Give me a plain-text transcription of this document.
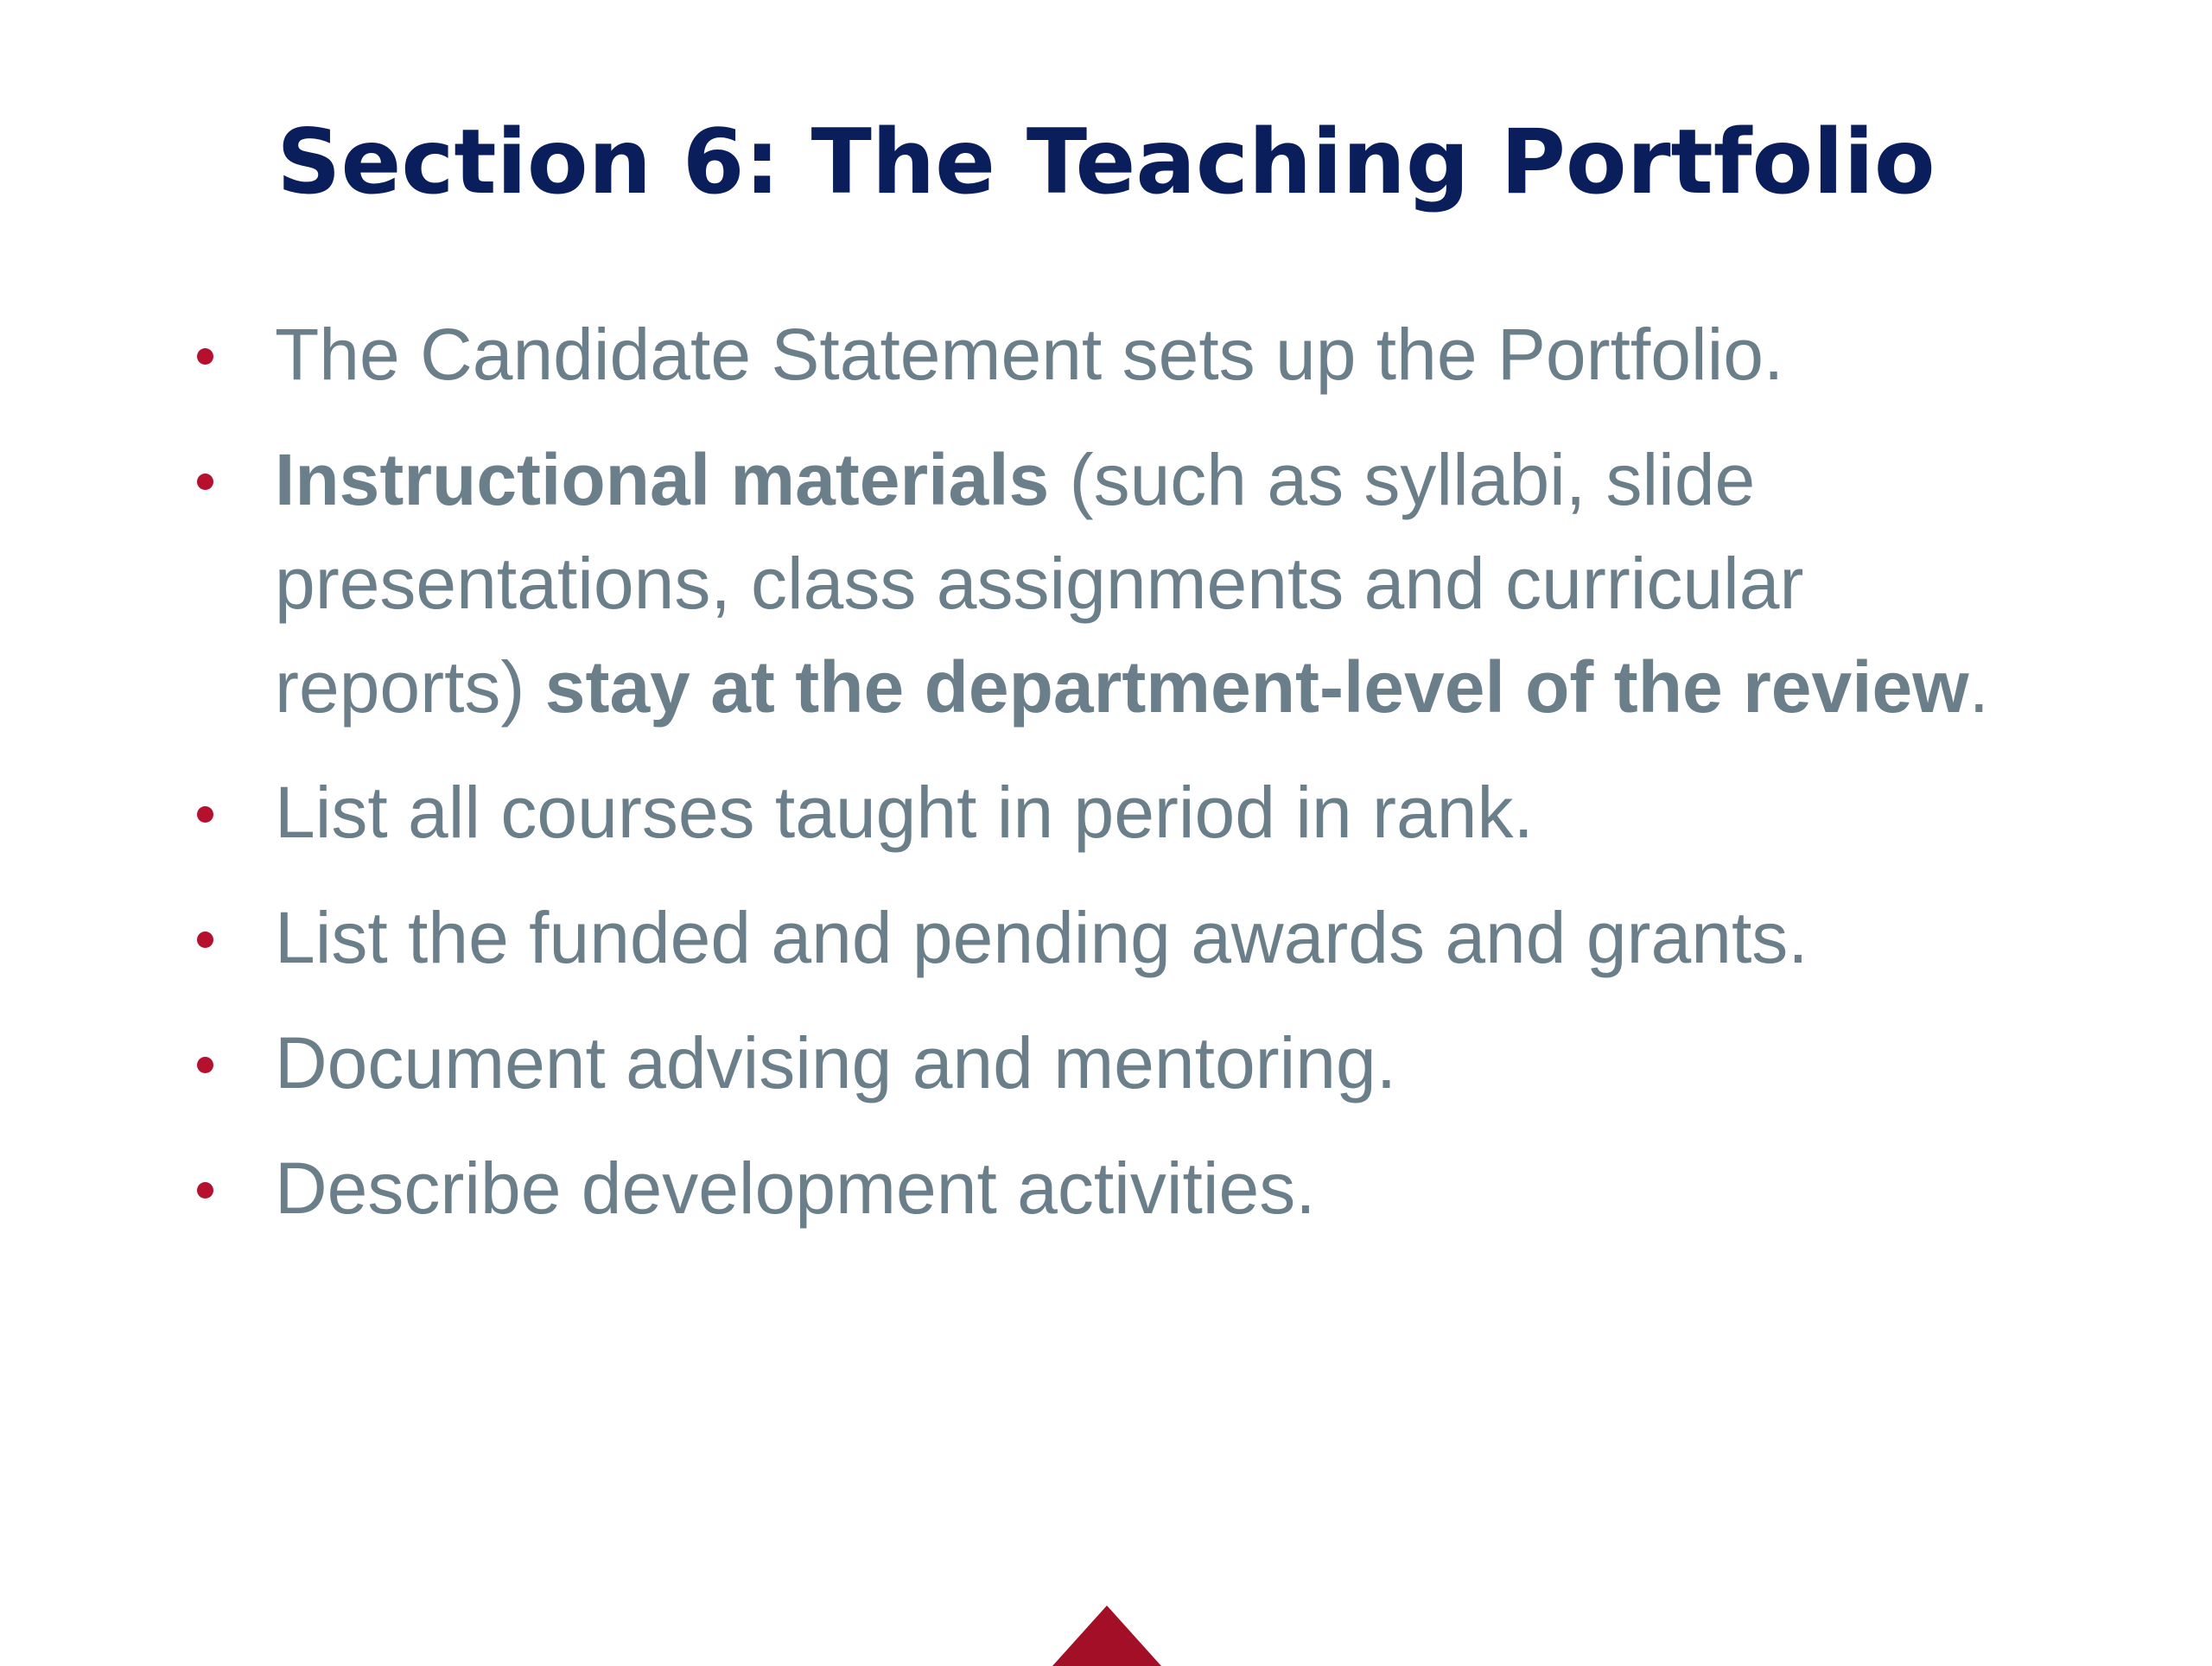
Section 6: The Teaching Portfolio
The Candidate Statement sets up the Portfolio.
Instructional materials (such as syllabi, slide presentations, class assignments and curricular reports) stay at the department-level of the review.
List all courses taught in period in rank.
List the funded and pending awards and grants.
Document advising and mentoring.
Describe development activities.
